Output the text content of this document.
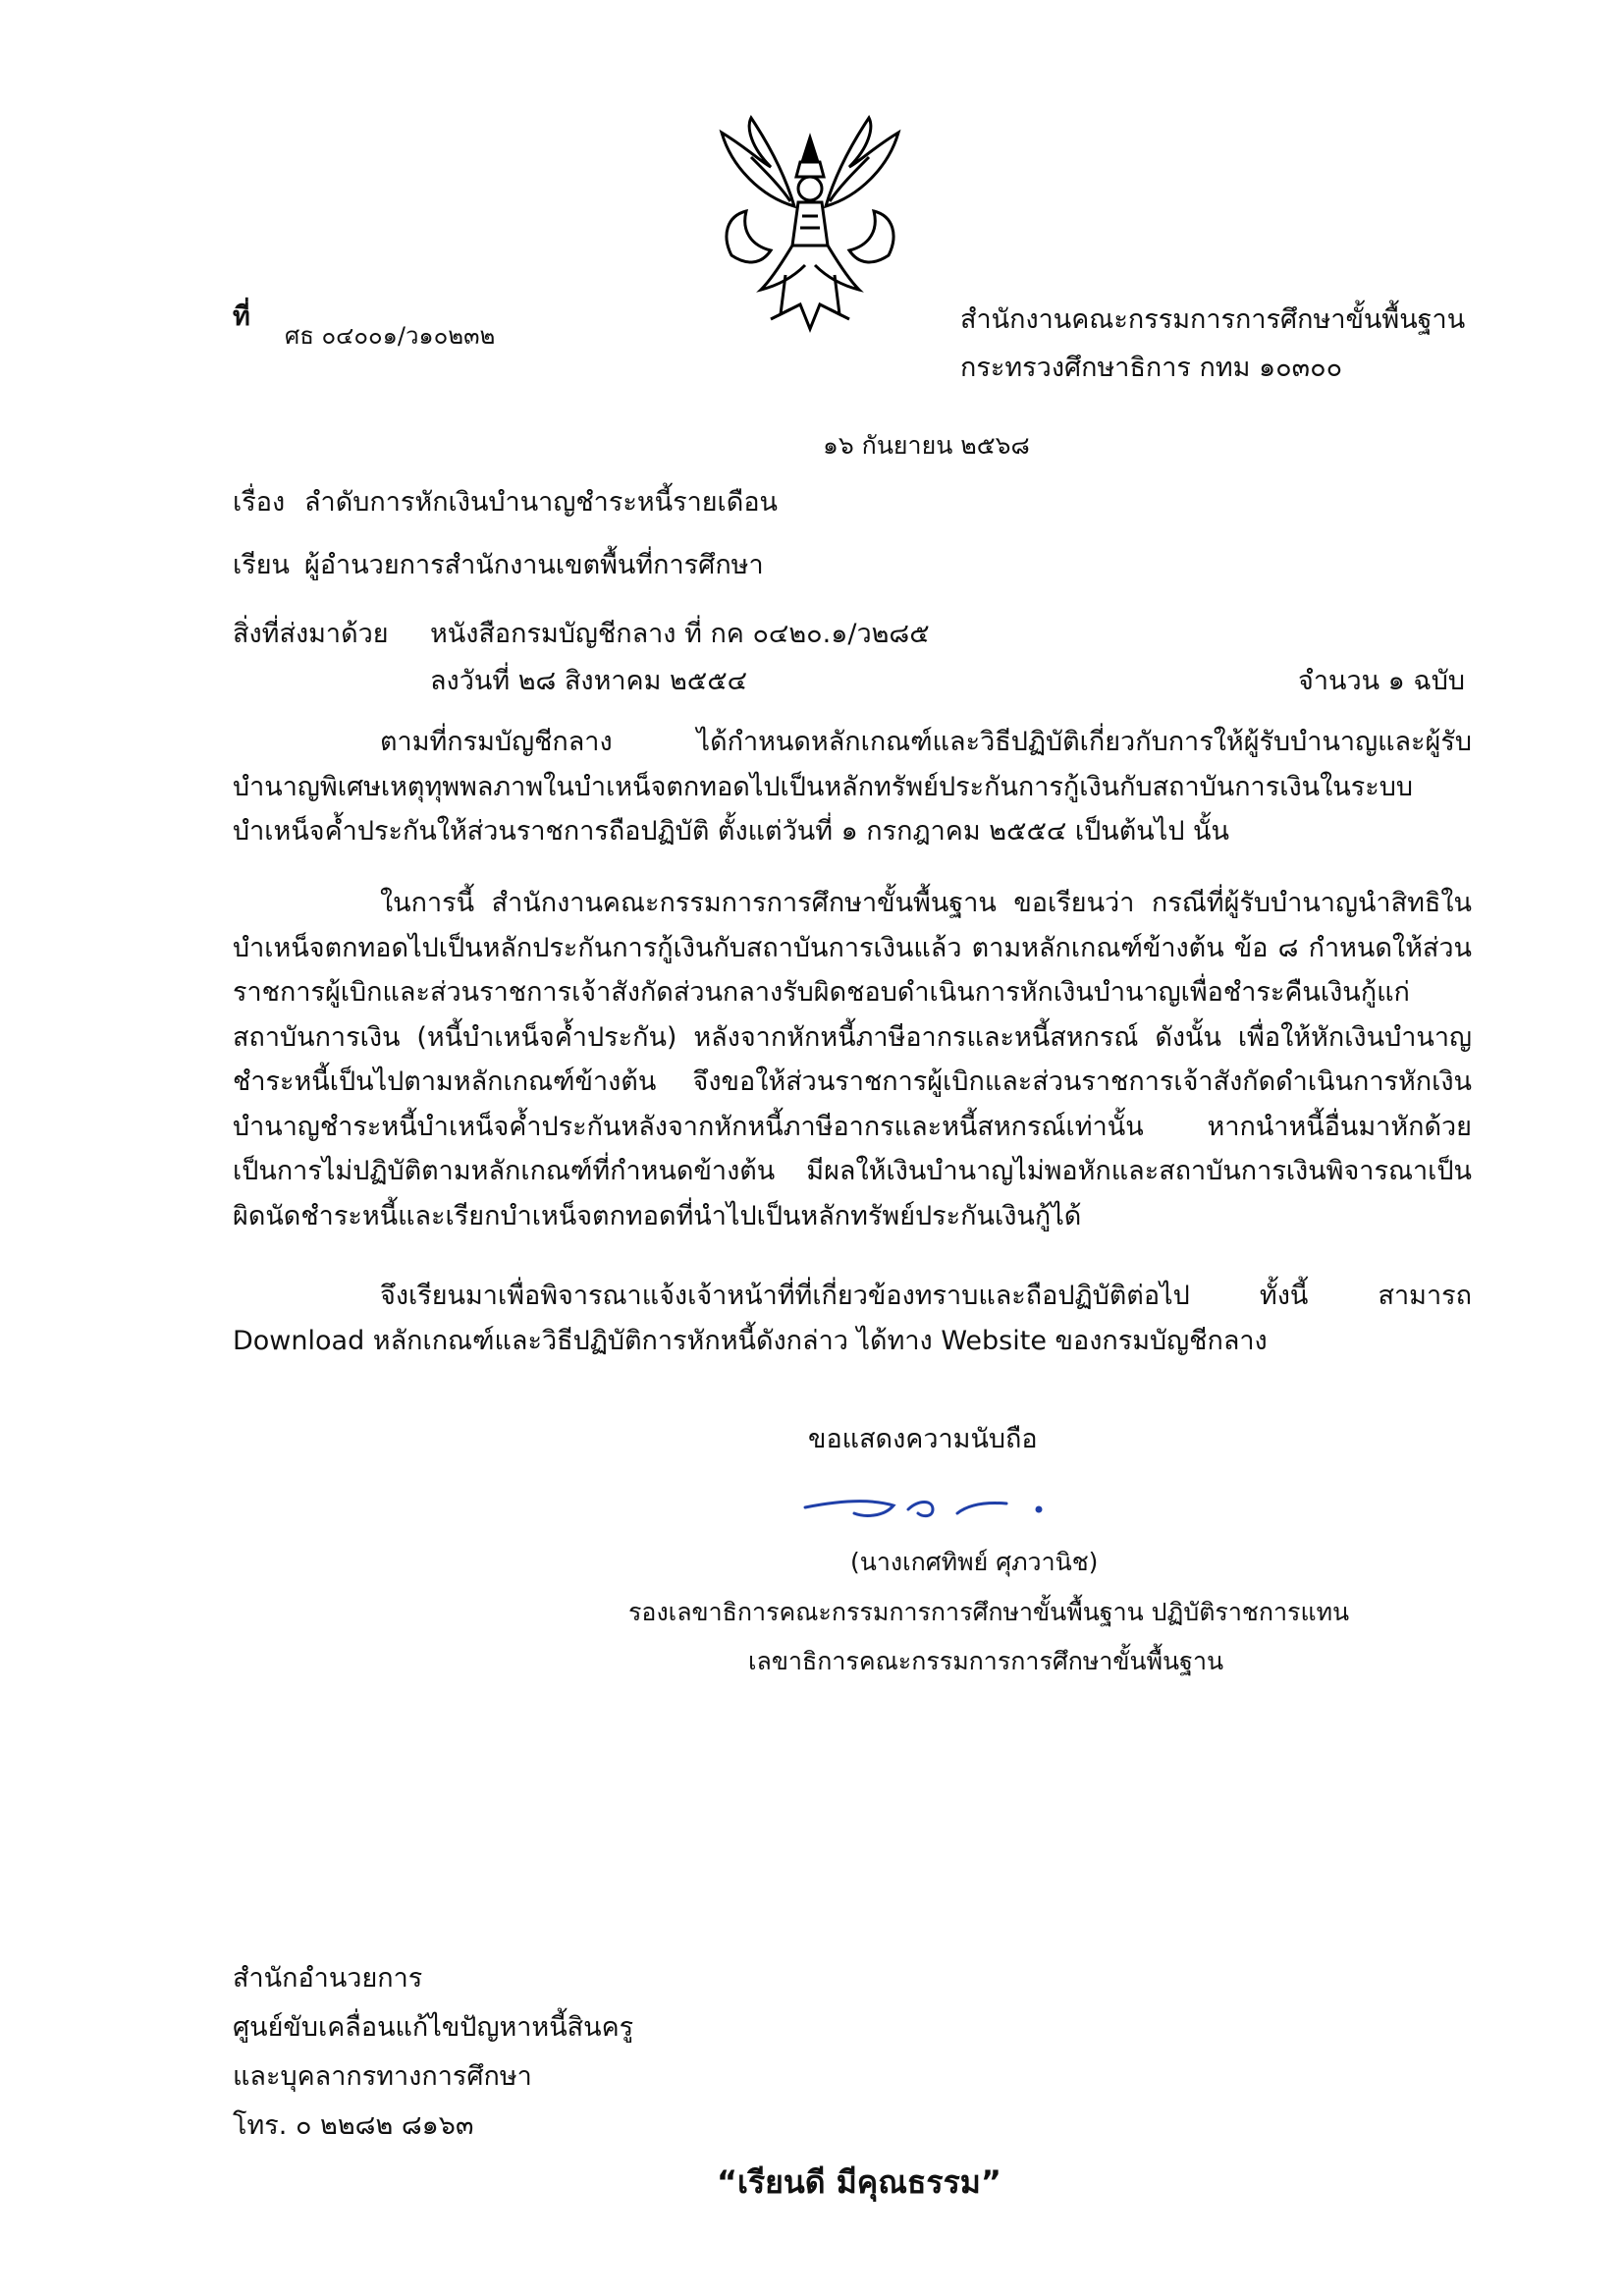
ที่
ศธ ๐๔๐๐๑/ว๑๐๒๓๒
สำนักงานคณะกรรมการการศึกษาขั้นพื้นฐาน
กระทรวงศึกษาธิการ กทม ๑๐๓๐๐
๑๖ กันยายน ๒๕๖๘
เรื่อง ลำดับการหักเงินบำนาญชำระหนี้รายเดือน
เรียน ผู้อำนวยการสำนักงานเขตพื้นที่การศึกษา
สิ่งที่ส่งมาด้วย หนังสือกรมบัญชีกลาง ที่ กค ๐๔๒๐.๑/ว๒๘๕
ลงวันที่ ๒๘ สิงหาคม ๒๕๕๔	จำนวน ๑ ฉบับ
ตามที่กรมบัญชีกลาง ได้กำหนดหลักเกณฑ์และวิธีปฏิบัติเกี่ยวกับการให้ผู้รับบำนาญและผู้รับบำนาญพิเศษเหตุทุพพลภาพในบำเหน็จตกทอดไปเป็นหลักทรัพย์ประกันการกู้เงินกับสถาบันการเงินในระบบบำเหน็จค้ำประกันให้ส่วนราชการถือปฏิบัติ ตั้งแต่วันที่ ๑ กรกฎาคม ๒๕๕๔ เป็นต้นไป นั้น
ในการนี้ สำนักงานคณะกรรมการการศึกษาขั้นพื้นฐาน ขอเรียนว่า กรณีที่ผู้รับบำนาญนำสิทธิในบำเหน็จตกทอดไปเป็นหลักประกันการกู้เงินกับสถาบันการเงินแล้ว ตามหลักเกณฑ์ข้างต้น ข้อ ๘ กำหนดให้ส่วนราชการผู้เบิกและส่วนราชการเจ้าสังกัดส่วนกลางรับผิดชอบดำเนินการหักเงินบำนาญเพื่อชำระคืนเงินกู้แก่สถาบันการเงิน (หนี้บำเหน็จค้ำประกัน) หลังจากหักหนี้ภาษีอากรและหนี้สหกรณ์ ดังนั้น เพื่อให้หักเงินบำนาญชำระหนี้เป็นไปตามหลักเกณฑ์ข้างต้น จึงขอให้ส่วนราชการผู้เบิกและส่วนราชการเจ้าสังกัดดำเนินการหักเงินบำนาญชำระหนี้บำเหน็จค้ำประกันหลังจากหักหนี้ภาษีอากรและหนี้สหกรณ์เท่านั้น หากนำหนี้อื่นมาหักด้วยเป็นการไม่ปฏิบัติตามหลักเกณฑ์ที่กำหนดข้างต้น มีผลให้เงินบำนาญไม่พอหักและสถาบันการเงินพิจารณาเป็นผิดนัดชำระหนี้และเรียกบำเหน็จตกทอดที่นำไปเป็นหลักทรัพย์ประกันเงินกู้ได้
จึงเรียนมาเพื่อพิจารณาแจ้งเจ้าหน้าที่ที่เกี่ยวข้องทราบและถือปฏิบัติต่อไป ทั้งนี้ สามารถ Download หลักเกณฑ์และวิธีปฏิบัติการหักหนี้ดังกล่าว ได้ทาง Website ของกรมบัญชีกลาง
ขอแสดงความนับถือ
(นางเกศทิพย์ ศุภวานิช)
รองเลขาธิการคณะกรรมการการศึกษาขั้นพื้นฐาน ปฏิบัติราชการแทน
เลขาธิการคณะกรรมการการศึกษาขั้นพื้นฐาน
สำนักอำนวยการ
ศูนย์ขับเคลื่อนแก้ไขปัญหาหนี้สินครู
และบุคลากรทางการศึกษา
โทร. ๐ ๒๒๘๒ ๘๑๖๓
“เรียนดี มีคุณธรรม”
